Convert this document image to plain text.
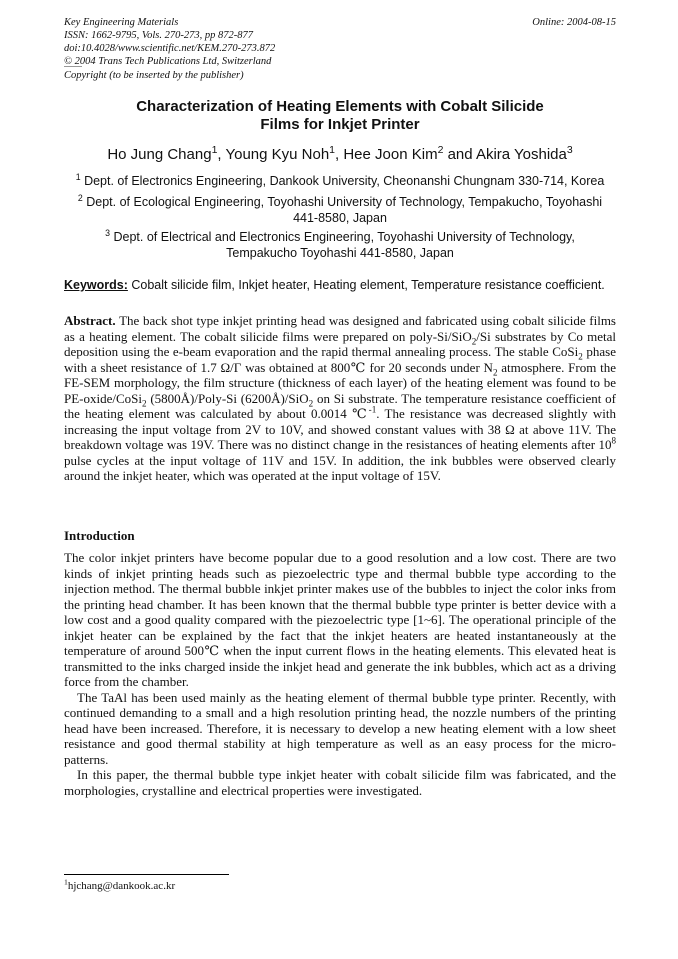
Key Engineering Materials
ISSN: 1662-9795, Vols. 270-273, pp 872-877
doi:10.4028/www.scientific.net/KEM.270-273.872
© 2004 Trans Tech Publications Ltd, Switzerland
Online: 2004-08-15
Copyright (to be inserted by the publisher)
Characterization of Heating Elements with Cobalt Silicide
Films for Inkjet Printer
Ho Jung Chang$^1$, Young Kyu Noh$^1$, Hee Joon Kim$^2$ and Akira Yoshida$^3$
$^1$ Dept. of Electronics Engineering, Dankook University, Cheonanshi Chungnam 330-714, Korea
$^2$ Dept. of Ecological Engineering, Toyohashi University of Technology, Tempakucho, Toyohashi
441-8580, Japan
$^3$ Dept. of Electrical and Electronics Engineering, Toyohashi University of Technology,
Tempakucho Toyohashi 441-8580, Japan
Keywords: Cobalt silicide film, Inkjet heater, Heating element, Temperature resistance coefficient.
Abstract. The back shot type inkjet printing head was designed and fabricated using cobalt silicide films as a heating element. The cobalt silicide films were prepared on poly-Si/SiO$_2$/Si substrates by Co metal deposition using the e-beam evaporation and the rapid thermal annealing process. The stable CoSi$_2$ phase with a sheet resistance of 1.7 Ω/Γ was obtained at 800℃ for 20 seconds under $N_2$ atmosphere. From the FE-SEM morphology, the film structure (thickness of each layer) of the heating element was found to be PE-oxide/CoSi$_2$ (5800Å)/Poly-Si (6200Å)/SiO$_2$ on Si substrate. The temperature resistance coefficient of the heating element was calculated by about 0.0014 ℃$^{-1}$. The resistance was decreased slightly with increasing the input voltage from 2V to 10V, and showed constant values with 38 Ω at above 11V. The breakdown voltage was 19V. There was no distinct change in the resistances of heating elements after $10^8$ pulse cycles at the input voltage of 11V and 15V. In addition, the ink bubbles were observed clearly around the inkjet heater, which was operated at the input voltage of 15V.
Introduction

The color inkjet printers have become popular due to a good resolution and a low cost. There are two kinds of inkjet printing heads such as piezoelectric type and thermal bubble type according to the injection method. The thermal bubble inkjet printer makes use of the bubbles to inject the color inks from the printing head chamber. It has been known that the thermal bubble type printer is better device with a low cost and a good quality compared with the piezoelectric type [1~6]. The operational principle of the inkjet heater can be explained by the fact that the inkjet heaters are heated instantaneously at the temperature of around 500℃ when the input current flows in the heating elements. This elevated heat is transmitted to the inks charged inside the inkjet head and generate the ink bubbles, which act as a driving force from the chamber.

The TaAl has been used mainly as the heating element of thermal bubble type printer. Recently, with continued demanding to a small and a high resolution printing head, the nozzle numbers of the printing head have been increased. Therefore, it is necessary to develop a new heating element with a low sheet resistance and good thermal stability at high temperature as well as an easy process for the micro-patterns.

In this paper, the thermal bubble type inkjet heater with cobalt silicide film was fabricated, and the morphologies, crystalline and electrical properties were investigated.

$^1$hjchang@dankook.ac.kr
